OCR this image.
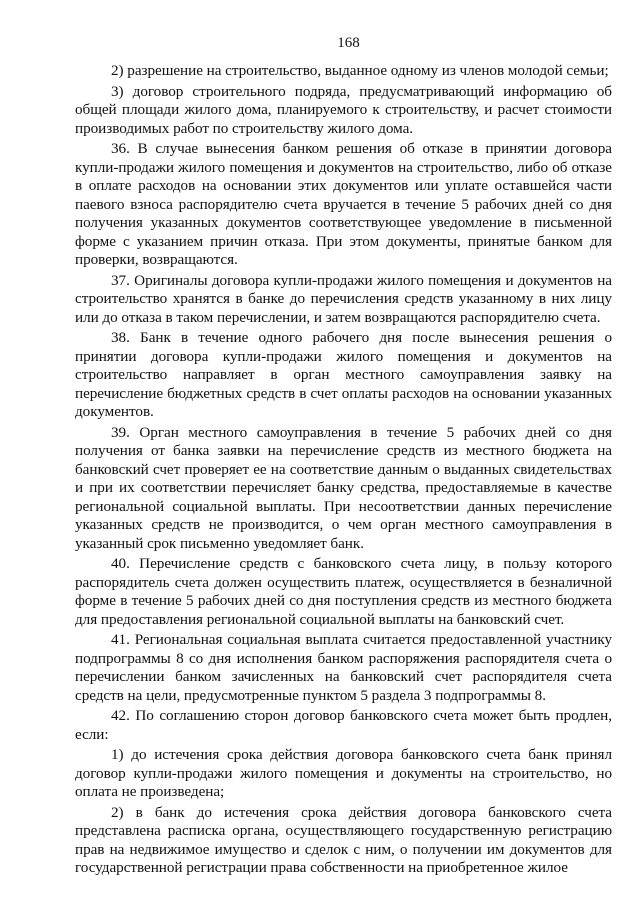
168

2) разрешение на строительство, выданное одному из членов молодой семьи;

3) договор строительного подряда, предусматривающий информацию об общей площади жилого дома, планируемого к строительству, и расчет стоимости производимых работ по строительству жилого дома.

36. В случае вынесения банком решения об отказе в принятии договора купли-продажи жилого помещения и документов на строительство, либо об отказе в оплате расходов на основании этих документов или уплате оставшейся части паевого взноса распорядителю счета вручается в течение 5 рабочих дней со дня получения указанных документов соответствующее уведомление в письменной форме с указанием причин отказа. При этом документы, принятые банком для проверки, возвращаются.

37. Оригиналы договора купли-продажи жилого помещения и документов на строительство хранятся в банке до перечисления средств указанному в них лицу или до отказа в таком перечислении, и затем возвращаются распорядителю счета.

38. Банк в течение одного рабочего дня после вынесения решения о принятии договора купли-продажи жилого помещения и документов на строительство направляет в орган местного самоуправления заявку на перечисление бюджетных средств в счет оплаты расходов на основании указанных документов.

39. Орган местного самоуправления в течение 5 рабочих дней со дня получения от банка заявки на перечисление средств из местного бюджета на банковский счет проверяет ее на соответствие данным о выданных свидетельствах и при их соответствии перечисляет банку средства, предоставляемые в качестве региональной социальной выплаты. При несоответствии данных перечисление указанных средств не производится, о чем орган местного самоуправления в указанный срок письменно уведомляет банк.

40. Перечисление средств с банковского счета лицу, в пользу которого распорядитель счета должен осуществить платеж, осуществляется в безналичной форме в течение 5 рабочих дней со дня поступления средств из местного бюджета для предоставления региональной социальной выплаты на банковский счет.

41. Региональная социальная выплата считается предоставленной участнику подпрограммы 8 со дня исполнения банком распоряжения распорядителя счета о перечислении банком зачисленных на банковский счет распорядителя счета средств на цели, предусмотренные пунктом 5 раздела 3 подпрограммы 8.

42. По соглашению сторон договор банковского счета может быть продлен, если:

1) до истечения срока действия договора банковского счета банк принял договор купли-продажи жилого помещения и документы на строительство, но оплата не произведена;

2) в банк до истечения срока действия договора банковского счета представлена расписка органа, осуществляющего государственную регистрацию прав на недвижимое имущество и сделок с ним, о получении им документов для государственной регистрации права собственности на приобретенное жилое
